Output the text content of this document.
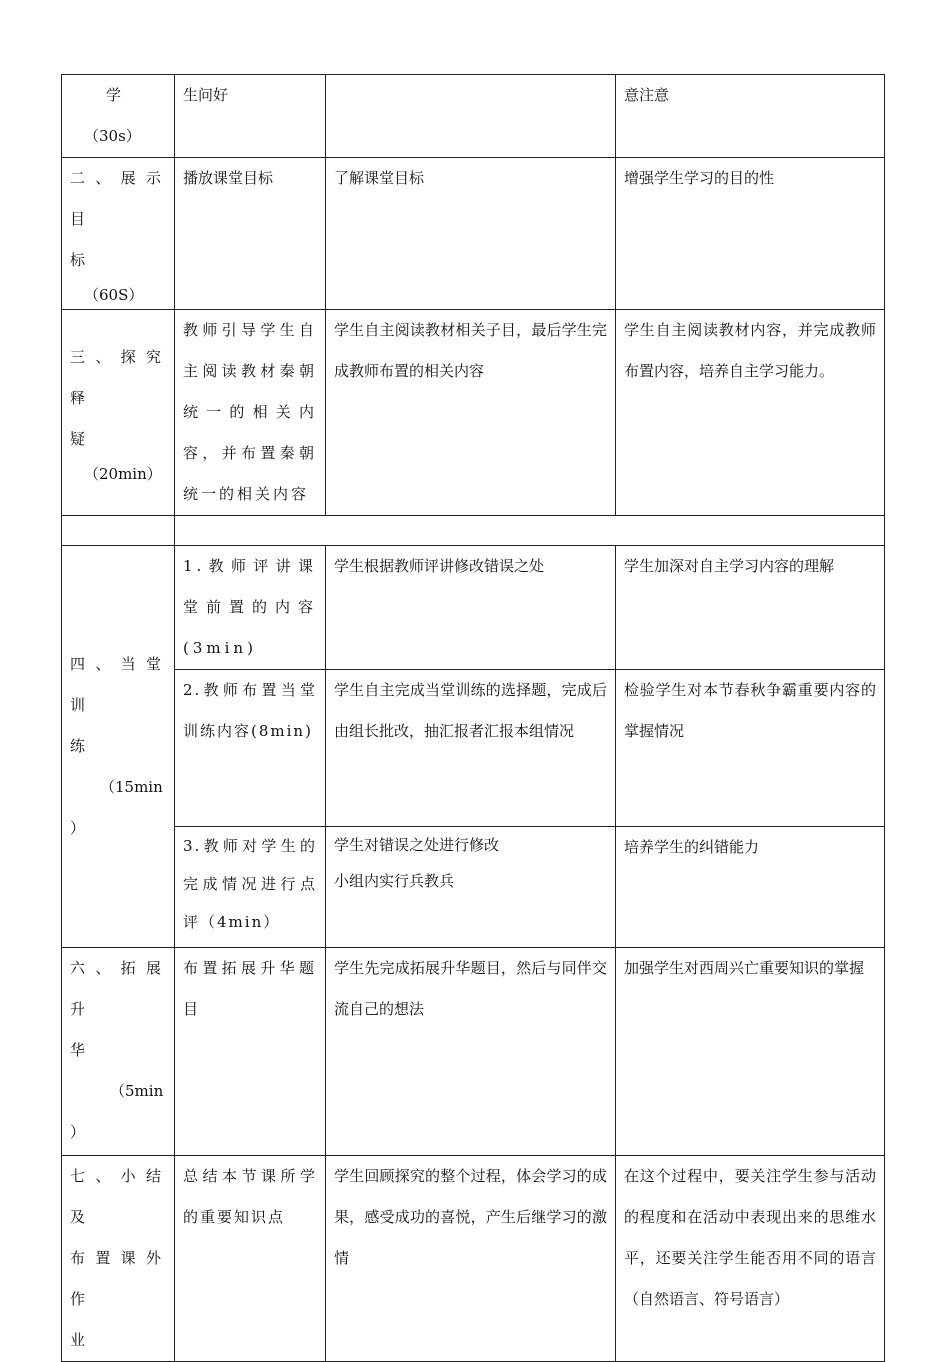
学
（30s）	生问好		意注意

二、展示目
标
（60S）	播放课堂目标	了解课堂目标	增强学生学习的目的性

三、探究释
疑
（20min）	教师引导学生自主阅读教材秦朝统一的相关内容，并布置秦朝统一的相关内容	学生自主阅读教材相关子目，最后学生完成教师布置的相关内容	学生自主阅读教材内容，并完成教师布置内容，培养自主学习能力。

四、当堂训
练
（15min
）	1.教师评讲课堂前置的内容(3min)	学生根据教师评讲修改错误之处	学生加深对自主学习内容的理解

	2.教师布置当堂训练内容(8min)	学生自主完成当堂训练的选择题，完成后由组长批改，抽汇报者汇报本组情况	检验学生对本节春秋争霸重要内容的掌握情况

	3.教师对学生的完成情况进行点评（4min）	学生对错误之处进行修改
小组内实行兵教兵	培养学生的纠错能力

六、拓展升
华
（5min
）	布置拓展升华题目	学生先完成拓展升华题目，然后与同伴交流自己的想法	加强学生对西周兴亡重要知识的掌握

七、小结及
布置课外作
业	总结本节课所学的重要知识点	学生回顾探究的整个过程，体会学习的成果，感受成功的喜悦，产生后继学习的激情	在这个过程中，要关注学生参与活动的程度和在活动中表现出来的思维水平，还要关注学生能否用不同的语言（自然语言、符号语言）
